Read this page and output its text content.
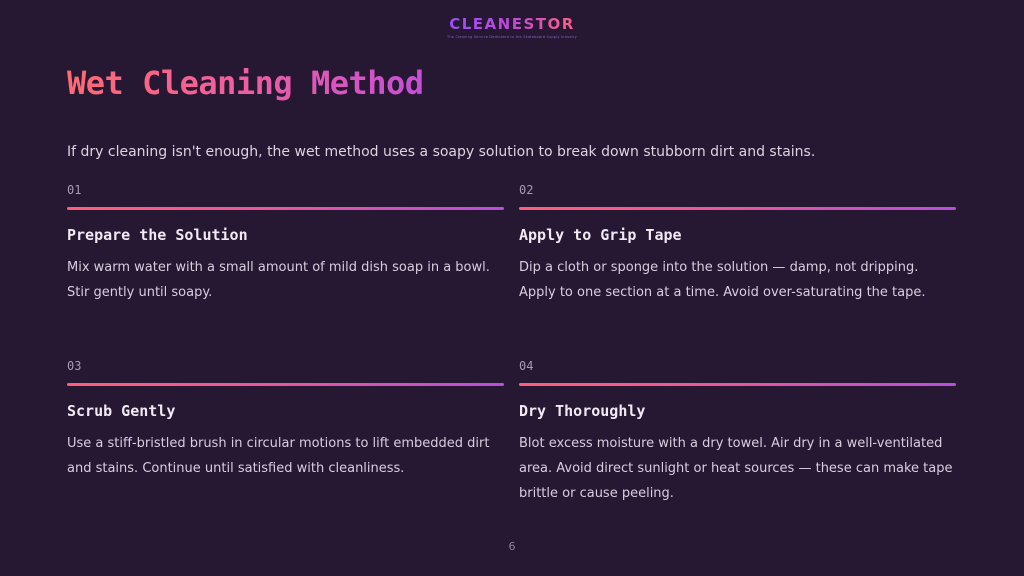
CLEANESTOR
The Cleaning Service Dedicated to the Skateboard Supply Industry
Wet Cleaning Method

If dry cleaning isn't enough, the wet method uses a soapy solution to break down stubborn dirt and stains.

01
Prepare the Solution

Mix warm water with a small amount of mild dish soap in a bowl. Stir gently until soapy.

02
Apply to Grip Tape

Dip a cloth or sponge into the solution — damp, not dripping. Apply to one section at a time. Avoid over-saturating the tape.

03
Scrub Gently

Use a stiff-bristled brush in circular motions to lift embedded dirt and stains. Continue until satisfied with cleanliness.

04
Dry Thoroughly

Blot excess moisture with a dry towel. Air dry in a well-ventilated area. Avoid direct sunlight or heat sources — these can make tape brittle or cause peeling.

6
